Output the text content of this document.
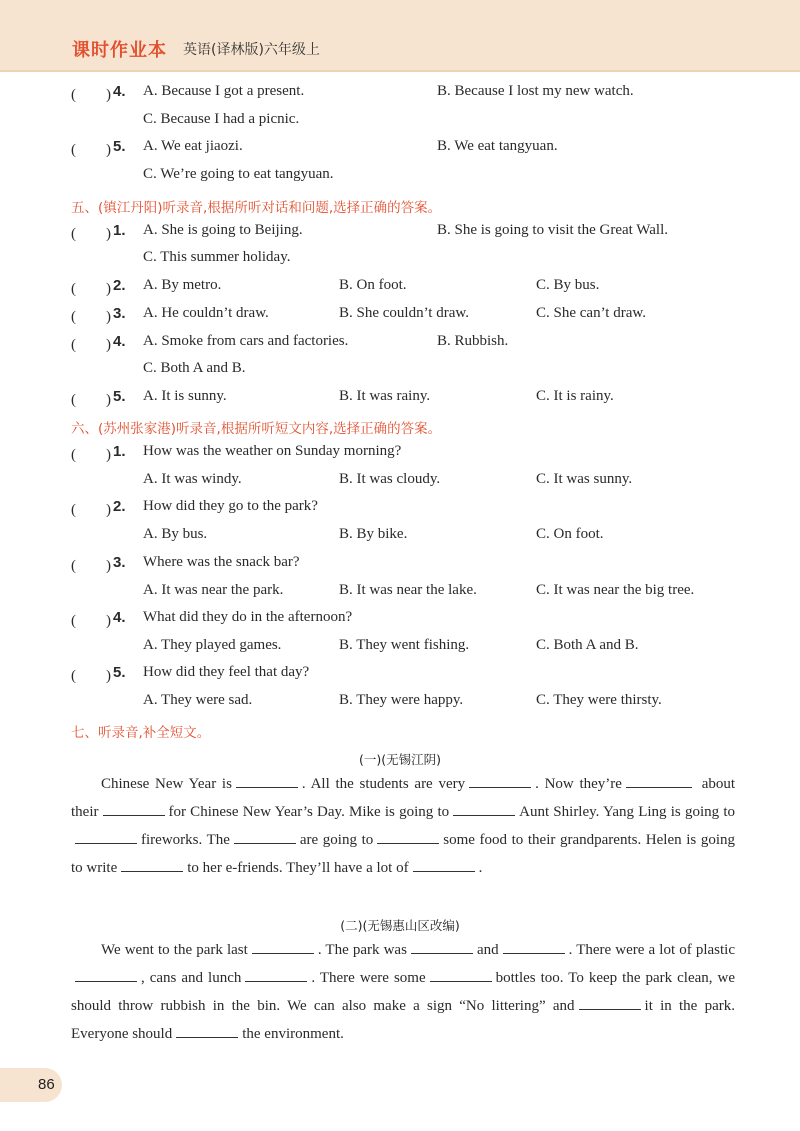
课时作业本 英语(译林版)六年级上
(　　) 4. A. Because I got a present.	B. Because I lost my new watch.
C. Because I had a picnic.
(　　) 5. A. We eat jiaozi.	B. We eat tangyuan.
C. We’re going to eat tangyuan.
五、(镇江丹阳)听录音,根据所听对话和问题,选择正确的答案。
(　　) 1. A. She is going to Beijing.	B. She is going to visit the Great Wall.
C. This summer holiday.
(　　) 2. A. By metro.	B. On foot.	C. By bus.
(　　) 3. A. He couldn’t draw.	B. She couldn’t draw.	C. She can’t draw.
(　　) 4. A. Smoke from cars and factories.	B. Rubbish.
C. Both A and B.
(　　) 5. A. It is sunny.	B. It was rainy.	C. It is rainy.
六、(苏州张家港)听录音,根据所听短文内容,选择正确的答案。
(　　) 1. How was the weather on Sunday morning?
A. It was windy.	B. It was cloudy.	C. It was sunny.
(　　) 2. How did they go to the park?
A. By bus.	B. By bike.	C. On foot.
(　　) 3. Where was the snack bar?
A. It was near the park.	B. It was near the lake.	C. It was near the big tree.
(　　) 4. What did they do in the afternoon?
A. They played games.	B. They went fishing.	C. Both A and B.
(　　) 5. How did they feel that day?
A. They were sad.	B. They were happy.	C. They were thirsty.
七、听录音,补全短文。
(一)(无锡江阴)

Chinese New Year is	. All the students are very	. Now they’re	about their	for Chinese New Year’s Day. Mike is going to	Aunt Shirley. Yang Ling is going tofireworks. The	are going to	some food to their grandparents. Helen is going to write	to her e-friends. They’ll have a lot of	.

(二)(无锡惠山区改编)

We went to the park last	. The park was	and	. There were a lot of plastic, cans and lunch	. There were some	bottles too. To keep the park clean, we should throw rubbish in the bin. We can also make a sign “No littering” and	it in the park. Everyone should	the environment.

86
